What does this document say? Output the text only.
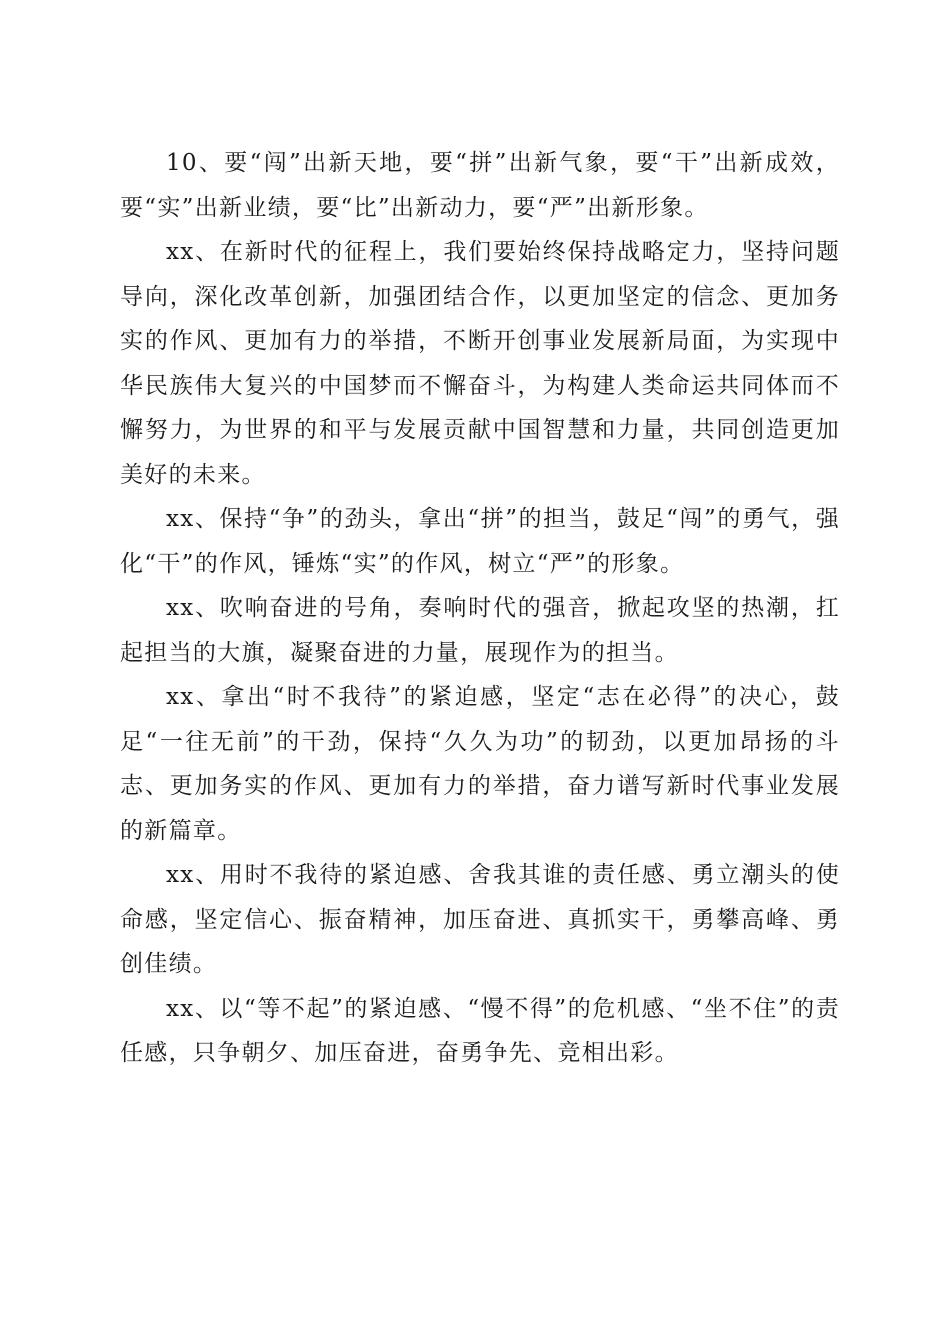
10、要“闯”出新天地，要“拼”出新气象，要“干”出新成效，要“实”出新业绩，要“比”出新动力，要“严”出新形象。

xx、在新时代的征程上，我们要始终保持战略定力，坚持问题导向，深化改革创新，加强团结合作，以更加坚定的信念、更加务实的作风、更加有力的举措，不断开创事业发展新局面，为实现中华民族伟大复兴的中国梦而不懈奋斗，为构建人类命运共同体而不懈努力，为世界的和平与发展贡献中国智慧和力量，共同创造更加美好的未来。

xx、保持“争”的劲头，拿出“拼”的担当，鼓足“闯”的勇气，强化“干”的作风，锤炼“实”的作风，树立“严”的形象。

xx、吹响奋进的号角，奏响时代的强音，掀起攻坚的热潮，扛起担当的大旗，凝聚奋进的力量，展现作为的担当。

xx、拿出“时不我待”的紧迫感，坚定“志在必得”的决心，鼓足“一往无前”的干劲，保持“久久为功”的韧劲，以更加昂扬的斗志、更加务实的作风、更加有力的举措，奋力谱写新时代事业发展的新篇章。

xx、用时不我待的紧迫感、舍我其谁的责任感、勇立潮头的使命感，坚定信心、振奋精神，加压奋进、真抓实干，勇攀高峰、勇创佳绩。

xx、以“等不起”的紧迫感、“慢不得”的危机感、“坐不住”的责任感，只争朝夕、加压奋进，奋勇争先、竞相出彩。
